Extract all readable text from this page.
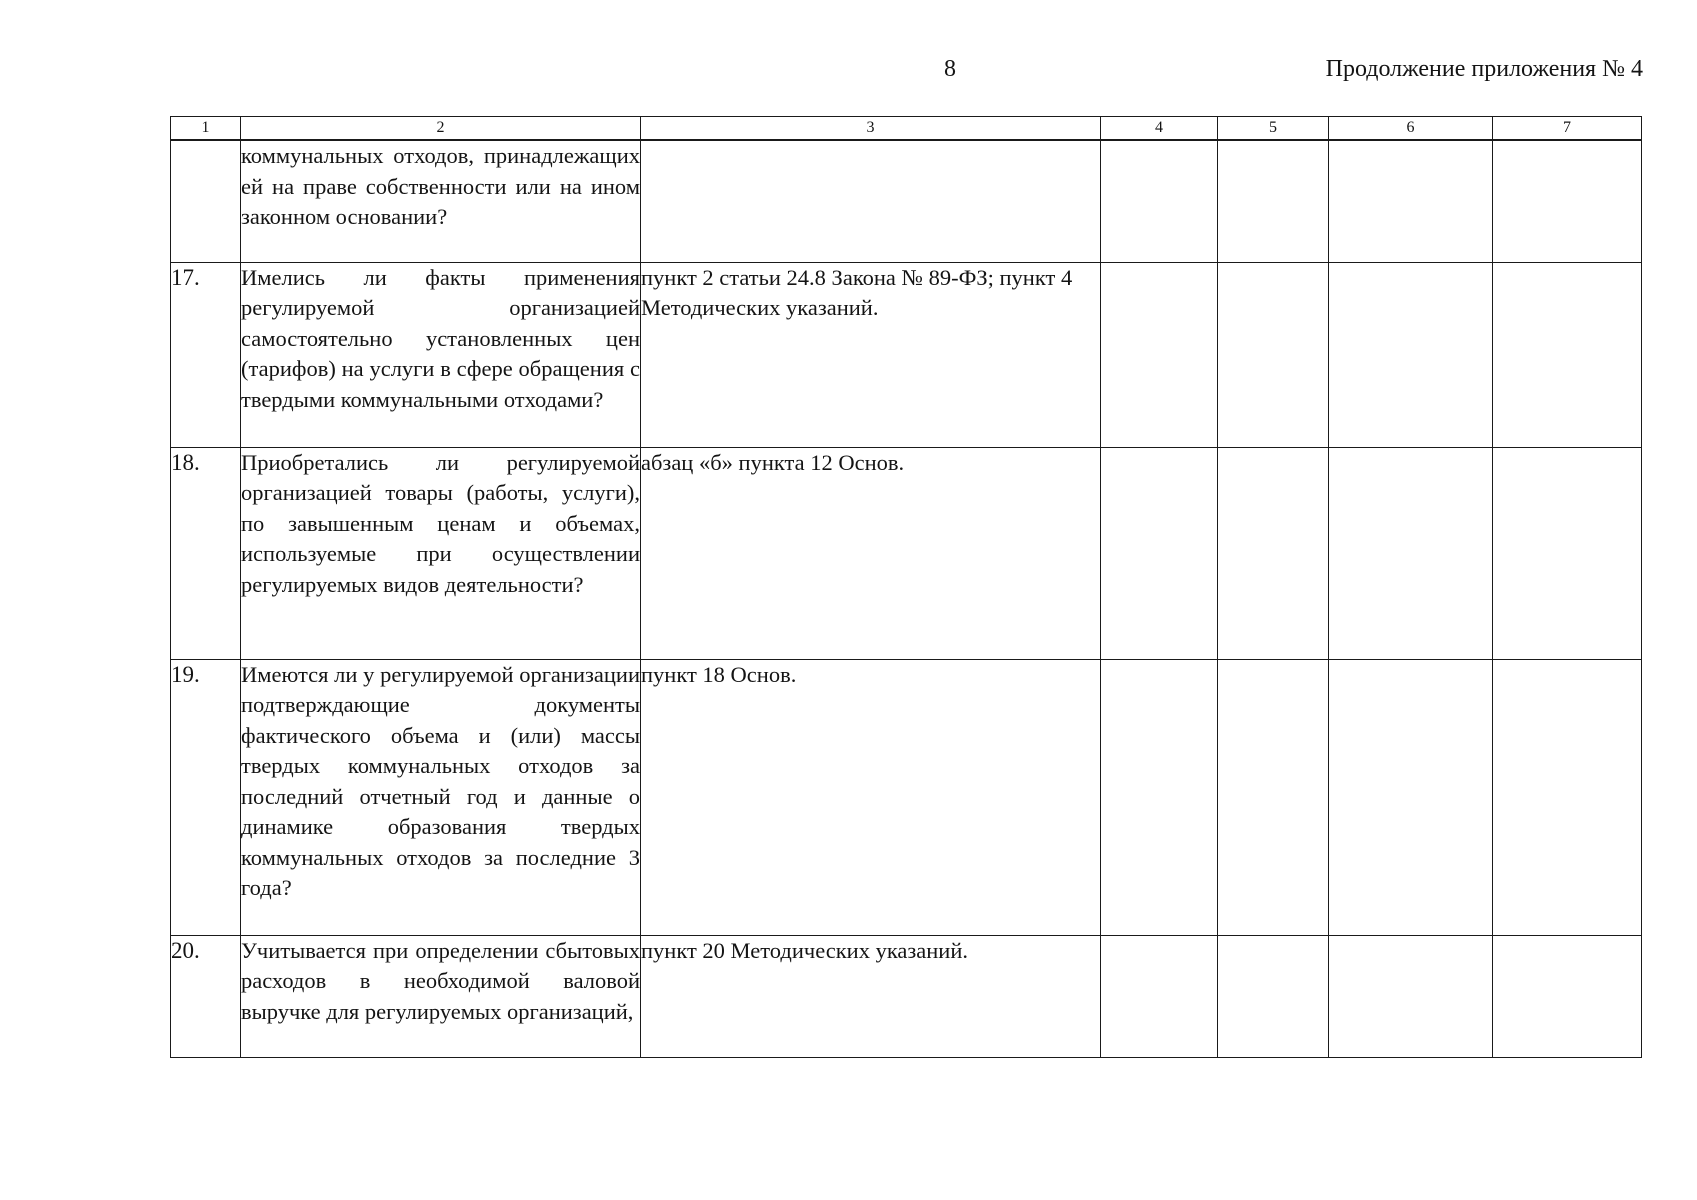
8	Продолжение приложения № 4
1	2	3	4	5	6	7
	коммунальных отходов, принадлежащих ей на праве собственности или на ином законном основании?					
17.	Имелись ли факты применения регулируемой организацией самостоятельно установленных цен (тарифов) на услуги в сфере обращения с твердыми коммунальными отходами?	пункт 2 статьи 24.8 Закона № 89-ФЗ; пункт 4 Методических указаний.				
18.	Приобретались ли регулируемой организацией товары (работы, услуги), по завышенным ценам и объемах, используемые при осуществлении регулируемых видов деятельности?	абзац «б» пункта 12 Основ.				
19.	Имеются ли у регулируемой организации подтверждающие документы фактического объема и (или) массы твердых коммунальных отходов за последний отчетный год и данные о динамике образования твердых коммунальных отходов за последние 3 года?	пункт 18 Основ.				
20.	Учитывается при определении сбытовых расходов в необходимой валовой выручке для регулируемых организаций,	пункт 20 Методических указаний.				
